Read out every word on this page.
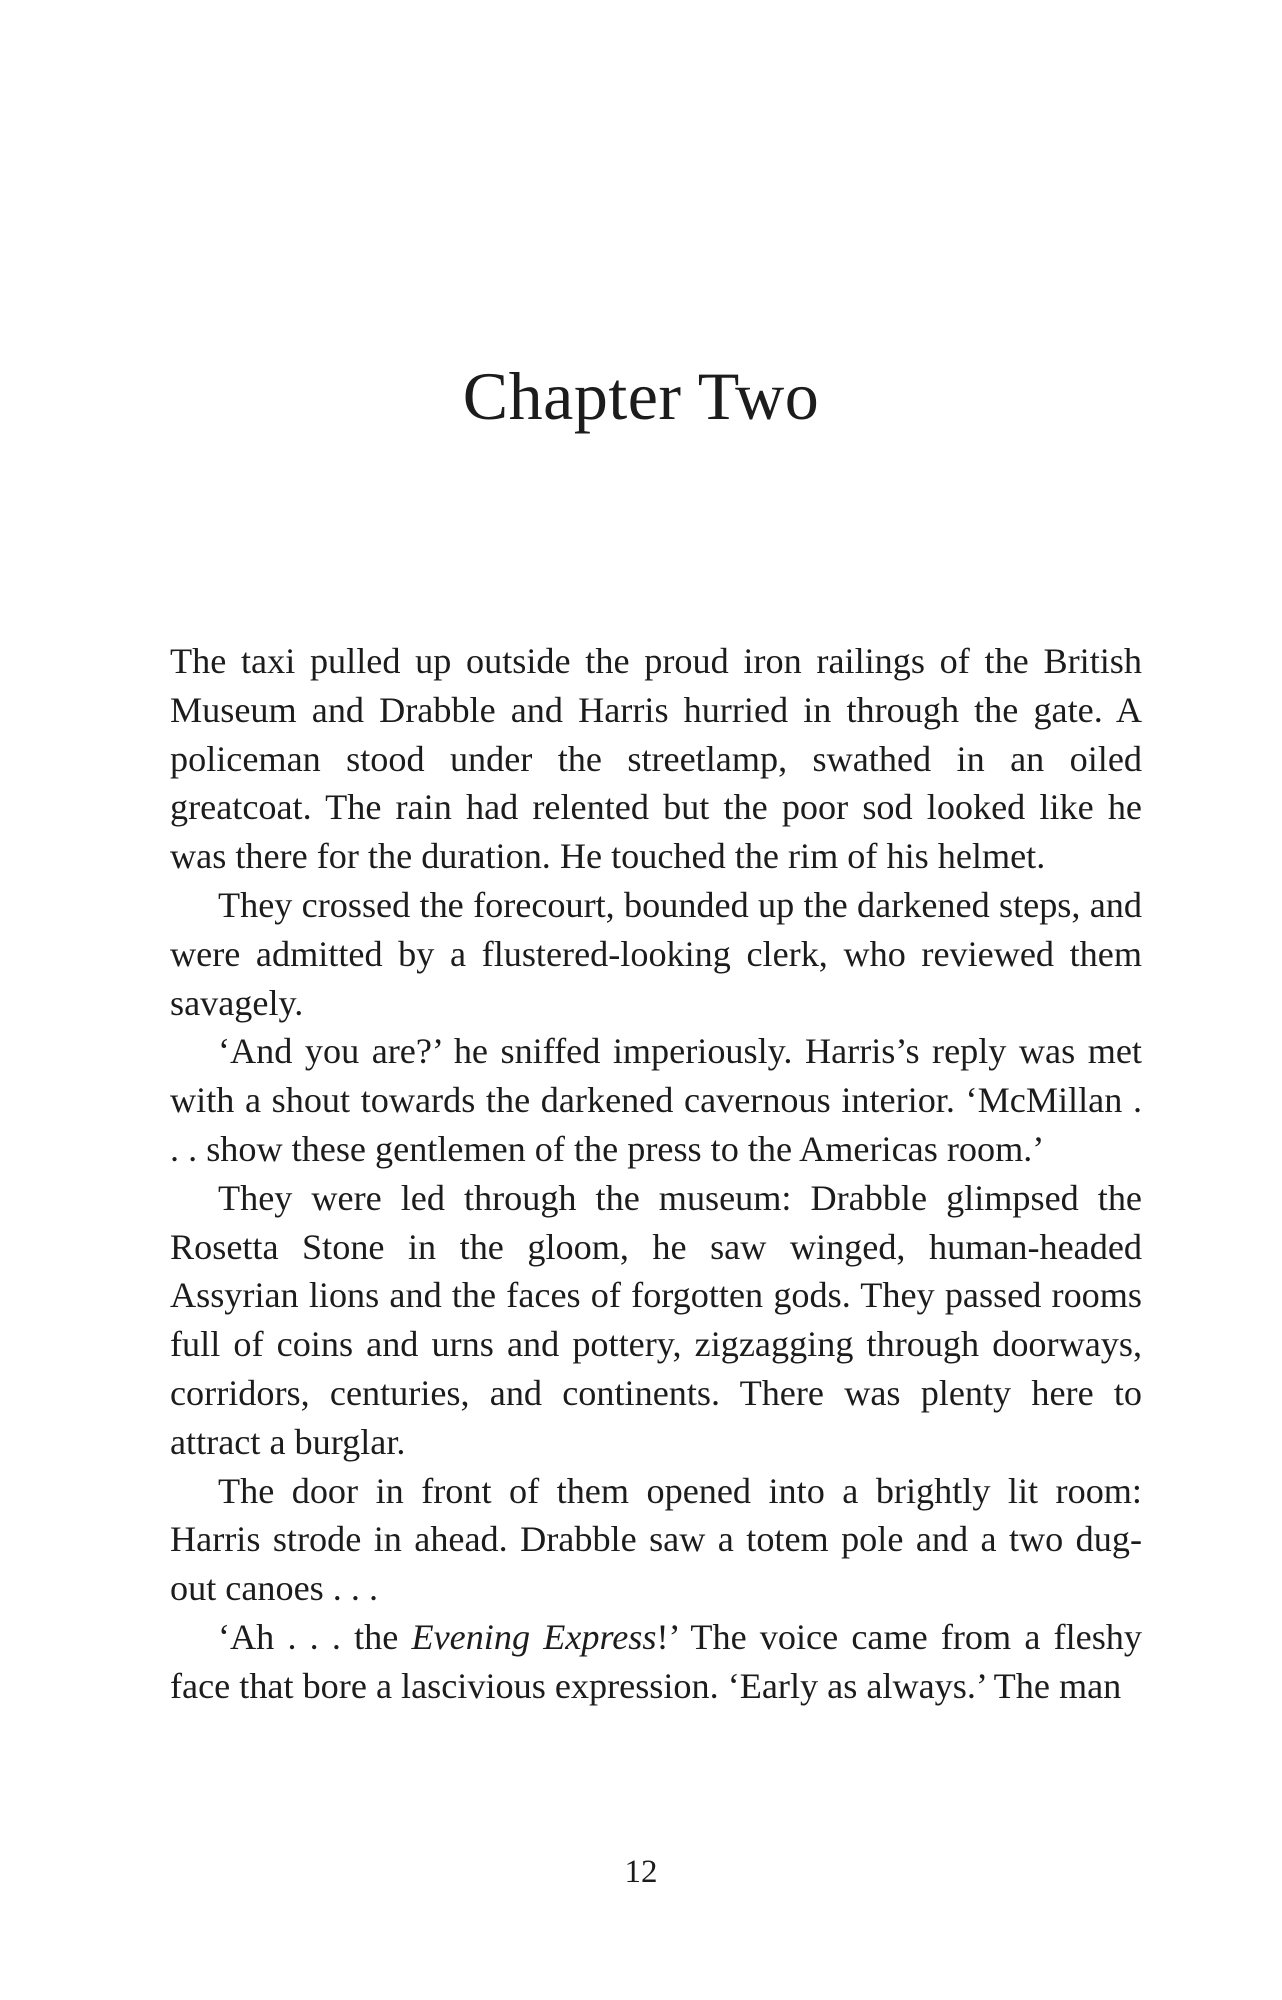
Chapter Two

The taxi pulled up outside the proud iron railings of the British Museum and Drabble and Harris hurried in through the gate. A policeman stood under the streetlamp, swathed in an oiled greatcoat. The rain had relented but the poor sod looked like he was there for the duration. He touched the rim of his helmet.

They crossed the forecourt, bounded up the darkened steps, and were admitted by a flustered-looking clerk, who reviewed them savagely.

‘And you are?’ he sniffed imperiously. Harris’s reply was met with a shout towards the darkened cavernous interior. ‘McMillan . . . show these gentlemen of the press to the Americas room.’

They were led through the museum: Drabble glimpsed the Rosetta Stone in the gloom, he saw winged, human-headed Assyrian lions and the faces of forgotten gods. They passed rooms full of coins and urns and pottery, zigzagging through doorways, corridors, centuries, and continents. There was plenty here to attract a burglar.

The door in front of them opened into a brightly lit room: Harris strode in ahead. Drabble saw a totem pole and a two dug-out canoes . . .

‘Ah . . . the Evening Express!’ The voice came from a fleshy face that bore a lascivious expression. ‘Early as always.’ The man

12
